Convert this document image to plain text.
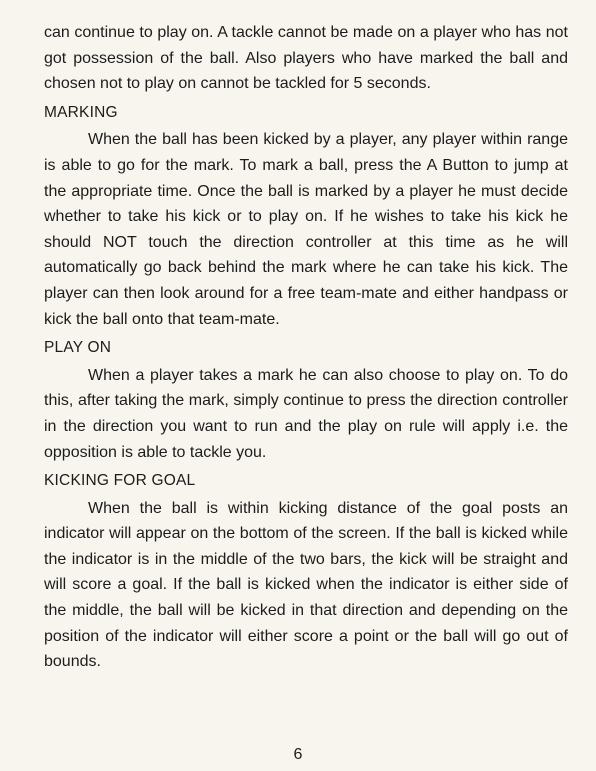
can continue to play on. A tackle cannot be made on a player who has not got possession of the ball. Also players who have marked the ball and chosen not to play on cannot be tackled for 5 seconds.

MARKING

When the ball has been kicked by a player, any player within range is able to go for the mark. To mark a ball, press the A Button to jump at the appropriate time. Once the ball is marked by a player he must decide whether to take his kick or to play on. If he wishes to take his kick he should NOT touch the direction controller at this time as he will automatically go back behind the mark where he can take his kick. The player can then look around for a free team-mate and either handpass or kick the ball onto that team-mate.

PLAY ON

When a player takes a mark he can also choose to play on. To do this, after taking the mark, simply continue to press the direction controller in the direction you want to run and the play on rule will apply i.e. the opposition is able to tackle you.

KICKING FOR GOAL

When the ball is within kicking distance of the goal posts an indicator will appear on the bottom of the screen. If the ball is kicked while the indicator is in the middle of the two bars, the kick will be straight and will score a goal. If the ball is kicked when the indicator is either side of the middle, the ball will be kicked in that direction and depending on the position of the indicator will either score a point or the ball will go out of bounds.

6
